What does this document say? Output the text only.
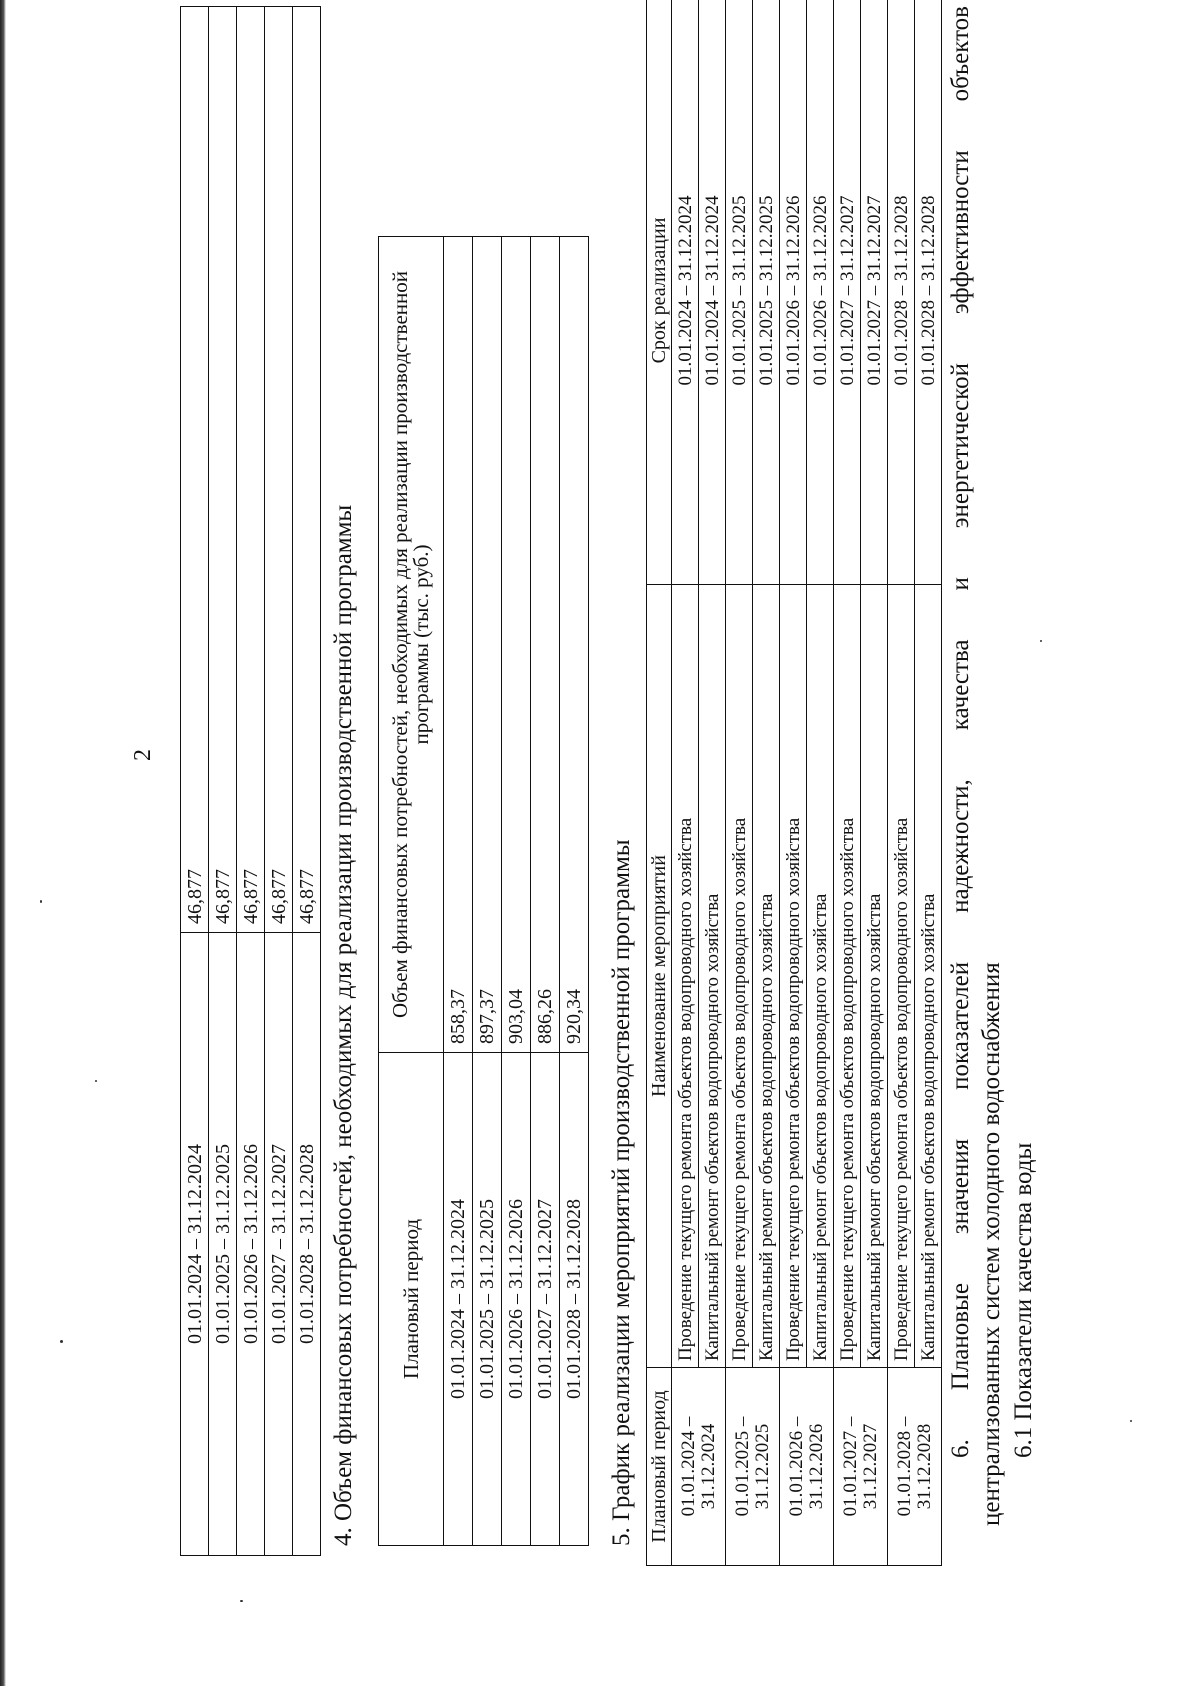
2
01.01.2024 – 31.12.2024	46,877
01.01.2025 – 31.12.2025	46,877
01.01.2026 – 31.12.2026	46,877
01.01.2027 – 31.12.2027	46,877
01.01.2028 – 31.12.2028	46,877 4. Объем финансовых потребностей, необходимых для реализации производственной программы Плановый период	Объем финансовых потребностей, необходимых для реализации производственной программы (тыс. руб.)
01.01.2024 – 31.12.2024	858,37
01.01.2025 – 31.12.2025	897,37
01.01.2026 – 31.12.2026	903,04
01.01.2027 – 31.12.2027	886,26
01.01.2028 – 31.12.2028	920,34 5. График реализации мероприятий производственной программы Плановый период	Наименование мероприятий	Срок реализации
01.01.2024 –
31.12.2024	Проведение текущего ремонта объектов водопроводного хозяйства	01.01.2024 – 31.12.2024
	Капитальный ремонт объектов водопроводного хозяйства	01.01.2024 – 31.12.2024
01.01.2025 –
31.12.2025	Проведение текущего ремонта объектов водопроводного хозяйства	01.01.2025 – 31.12.2025
	Капитальный ремонт объектов водопроводного хозяйства	01.01.2025 – 31.12.2025
01.01.2026 –
31.12.2026	Проведение текущего ремонта объектов водопроводного хозяйства	01.01.2026 – 31.12.2026
	Капитальный ремонт объектов водопроводного хозяйства	01.01.2026 – 31.12.2026
01.01.2027 –
31.12.2027	Проведение текущего ремонта объектов водопроводного хозяйства	01.01.2027 – 31.12.2027
	Капитальный ремонт объектов водопроводного хозяйства	01.01.2027 – 31.12.2027
01.01.2028 –
31.12.2028	Проведение текущего ремонта объектов водопроводного хозяйства	01.01.2028 – 31.12.2028
	Капитальный ремонт объектов водопроводного хозяйства	01.01.2028 – 31.12.2028 6. Плановые значения показателей надежности, качества и энергетической эффективности объектов централизованных систем холодного водоснабжения 6.1 Показатели качества воды
